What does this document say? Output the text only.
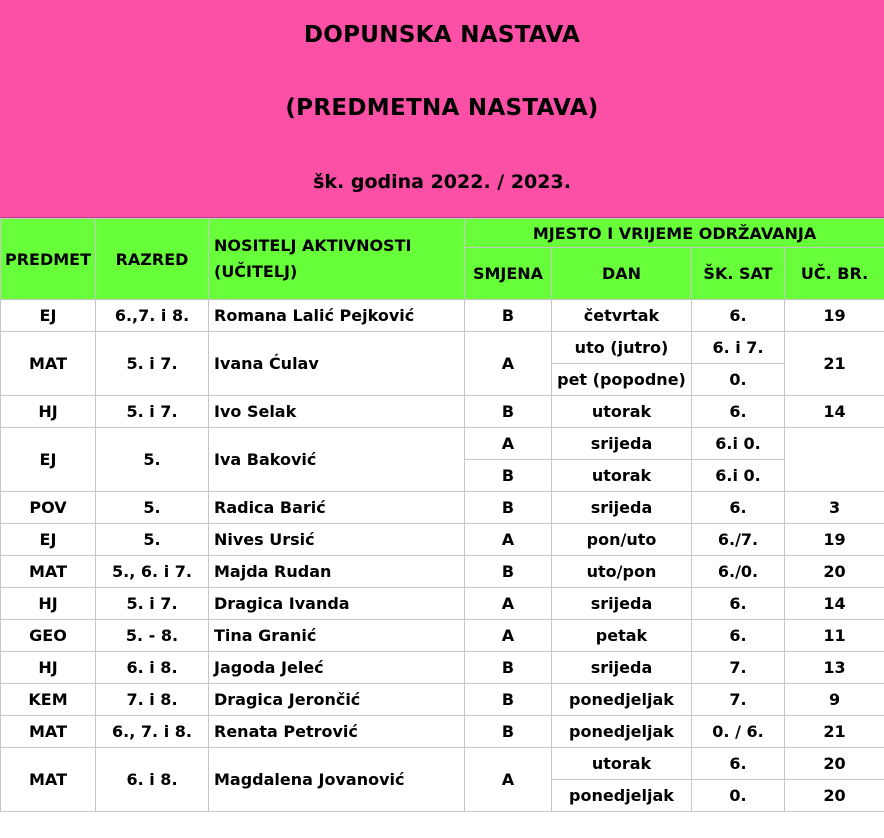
DOPUNSKA NASTAVA
(PREDMETNA NASTAVA)
šk. godina 2022. / 2023.
PREDMET	RAZRED	NOSITELJ AKTIVNOSTI (UČITELJ)	MJESTO I VRIJEME ODRŽAVANJA			
			SMJENA	DAN	ŠK. SAT	UČ. BR.
EJ	6.,7. i 8.	Romana Lalić Pejković	B	četvrtak	6.	19
MAT	5. i 7.	Ivana Ćulav	A	uto (jutro)	6. i 7.	21
				pet (popodne)	0.	
HJ	5. i 7.	Ivo Selak	B	utorak	6.	14
EJ	5.	Iva Baković	A	srijeda	6.i 0.	
			B	utorak	6.i 0.	
POV	5.	Radica Barić	B	srijeda	6.	3
EJ	5.	Nives Ursić	A	pon/uto	6./7.	19
MAT	5., 6. i 7.	Majda Rudan	B	uto/pon	6./0.	20
HJ	5. i 7.	Dragica Ivanda	A	srijeda	6.	14
GEO	5. - 8.	Tina Granić	A	petak	6.	11
HJ	6. i 8.	Jagoda Jeleć	B	srijeda	7.	13
KEM	7. i 8.	Dragica Jerončić	B	ponedjeljak	7.	9
MAT	6., 7. i 8.	Renata Petrović	B	ponedjeljak	0. / 6.	21
MAT	6. i 8.	Magdalena Jovanović	A	utorak	6.	20
				ponedjeljak	0.	20
